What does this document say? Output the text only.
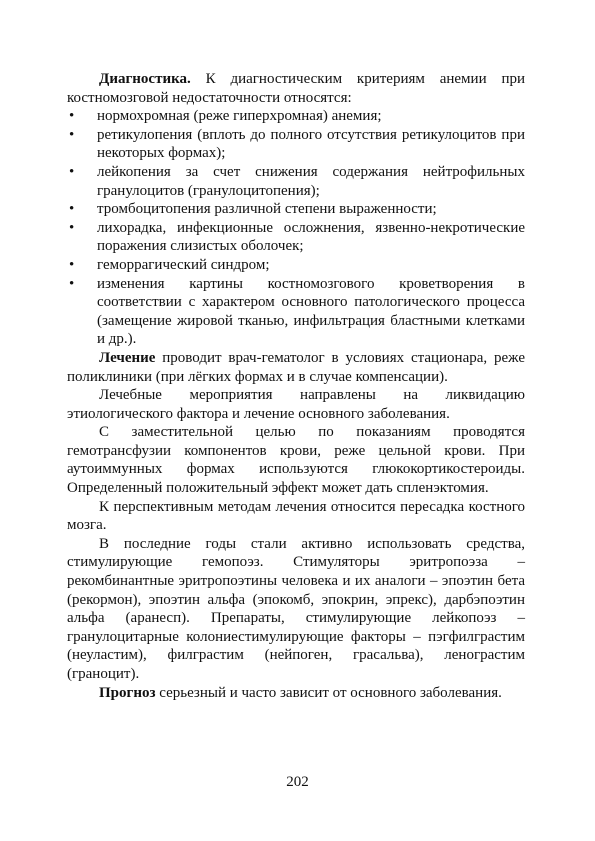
Диагностика. К диагностическим критериям анемии при костномозговой недостаточности относятся:

• нормохромная (реже гиперхромная) анемия;
• ретикулопения (вплоть до полного отсутствия ретикулоцитов при некоторых формах);
• лейкопения за счет снижения содержания нейтрофильных гранулоцитов (гранулоцитопения);
• тромбоцитопения различной степени выраженности;
• лихорадка, инфекционные осложнения, язвенно-некротические поражения слизистых оболочек;
• геморрагический синдром;
• изменения картины костномозгового кроветворения в соответствии с характером основного патологического процесса (замещение жировой тканью, инфильтрация бластными клетками и др.).

Лечение проводит врач-гематолог в условиях стационара, реже поликлиники (при лёгких формах и в случае компенсации).

Лечебные мероприятия направлены на ликвидацию этиологического фактора и лечение основного заболевания.

С заместительной целью по показаниям проводятся гемотрансфузии компонентов крови, реже цельной крови. При аутоиммунных формах используются глюкокортикостероиды. Определенный положительный эффект может дать спленэктомия.

К перспективным методам лечения относится пересадка костного мозга.

В последние годы стали активно использовать средства, стимулирующие гемопоэз. Стимуляторы эритропоэза – рекомбинантные эритропоэтины человека и их аналоги – эпоэтин бета (рекормон), эпоэтин альфа (эпокомб, эпокрин, эпрекс), дарбэпоэтин альфа (аранесп). Препараты, стимулирующие лейкопоэз – гранулоцитарные колониестимулирующие факторы – пэгфилграстим (неуластим), филграстим (нейпоген, грасальва), ленограстим (граноцит).

Прогноз серьезный и часто зависит от основного заболевания.

202
